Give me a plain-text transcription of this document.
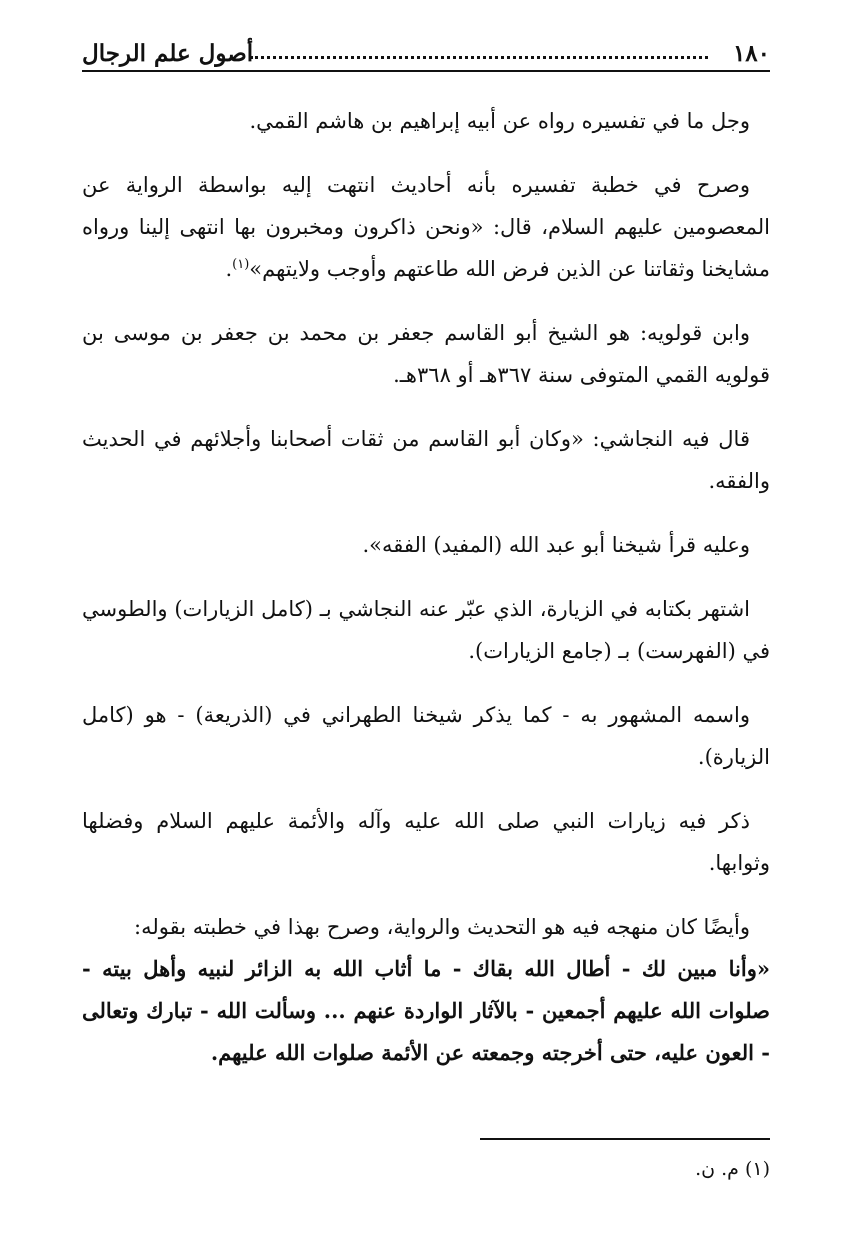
١٨٠
أصول علم الرجال

وجل ما في تفسيره رواه عن أبيه إبراهيم بن هاشم القمي.

وصرح في خطبة تفسيره بأنه أحاديث انتهت إليه بواسطة الرواية عن المعصومين عليهم السلام، قال: «ونحن ذاكرون ومخبرون بها انتهى إلينا ورواه مشايخنا وثقاتنا عن الذين فرض الله طاعتهم وأوجب ولايتهم»$^{(١)}$.

وابن قولويه: هو الشيخ أبو القاسم جعفر بن محمد بن جعفر بن موسى بن قولويه القمي المتوفى سنة ٣٦٧هـ أو ٣٦٨هـ.

قال فيه النجاشي: «وكان أبو القاسم من ثقات أصحابنا وأجلائهم في الحديث والفقه.

وعليه قرأ شيخنا أبو عبد الله (المفيد) الفقه».

اشتهر بكتابه في الزيارة، الذي عبّر عنه النجاشي بـ (كامل الزيارات) والطوسي في (الفهرست) بـ (جامع الزيارات).

واسمه المشهور به - كما يذكر شيخنا الطهراني في (الذريعة) - هو (كامل الزيارة).

ذكر فيه زيارات النبي صلى الله عليه وآله والأئمة عليهم السلام وفضلها وثوابها.

وأيضًا كان منهجه فيه هو التحديث والرواية، وصرح بهذا في خطبته بقوله:

«وأنا مبين لك - أطال الله بقاك - ما أثاب الله به الزائر لنبيه وأهل بيته - صلوات الله عليهم أجمعين - بالآثار الواردة عنهم ... وسألت الله - تبارك وتعالى - العون عليه، حتى أخرجته وجمعته عن الأئمة صلوات الله عليهم.

(١) م. ن.
